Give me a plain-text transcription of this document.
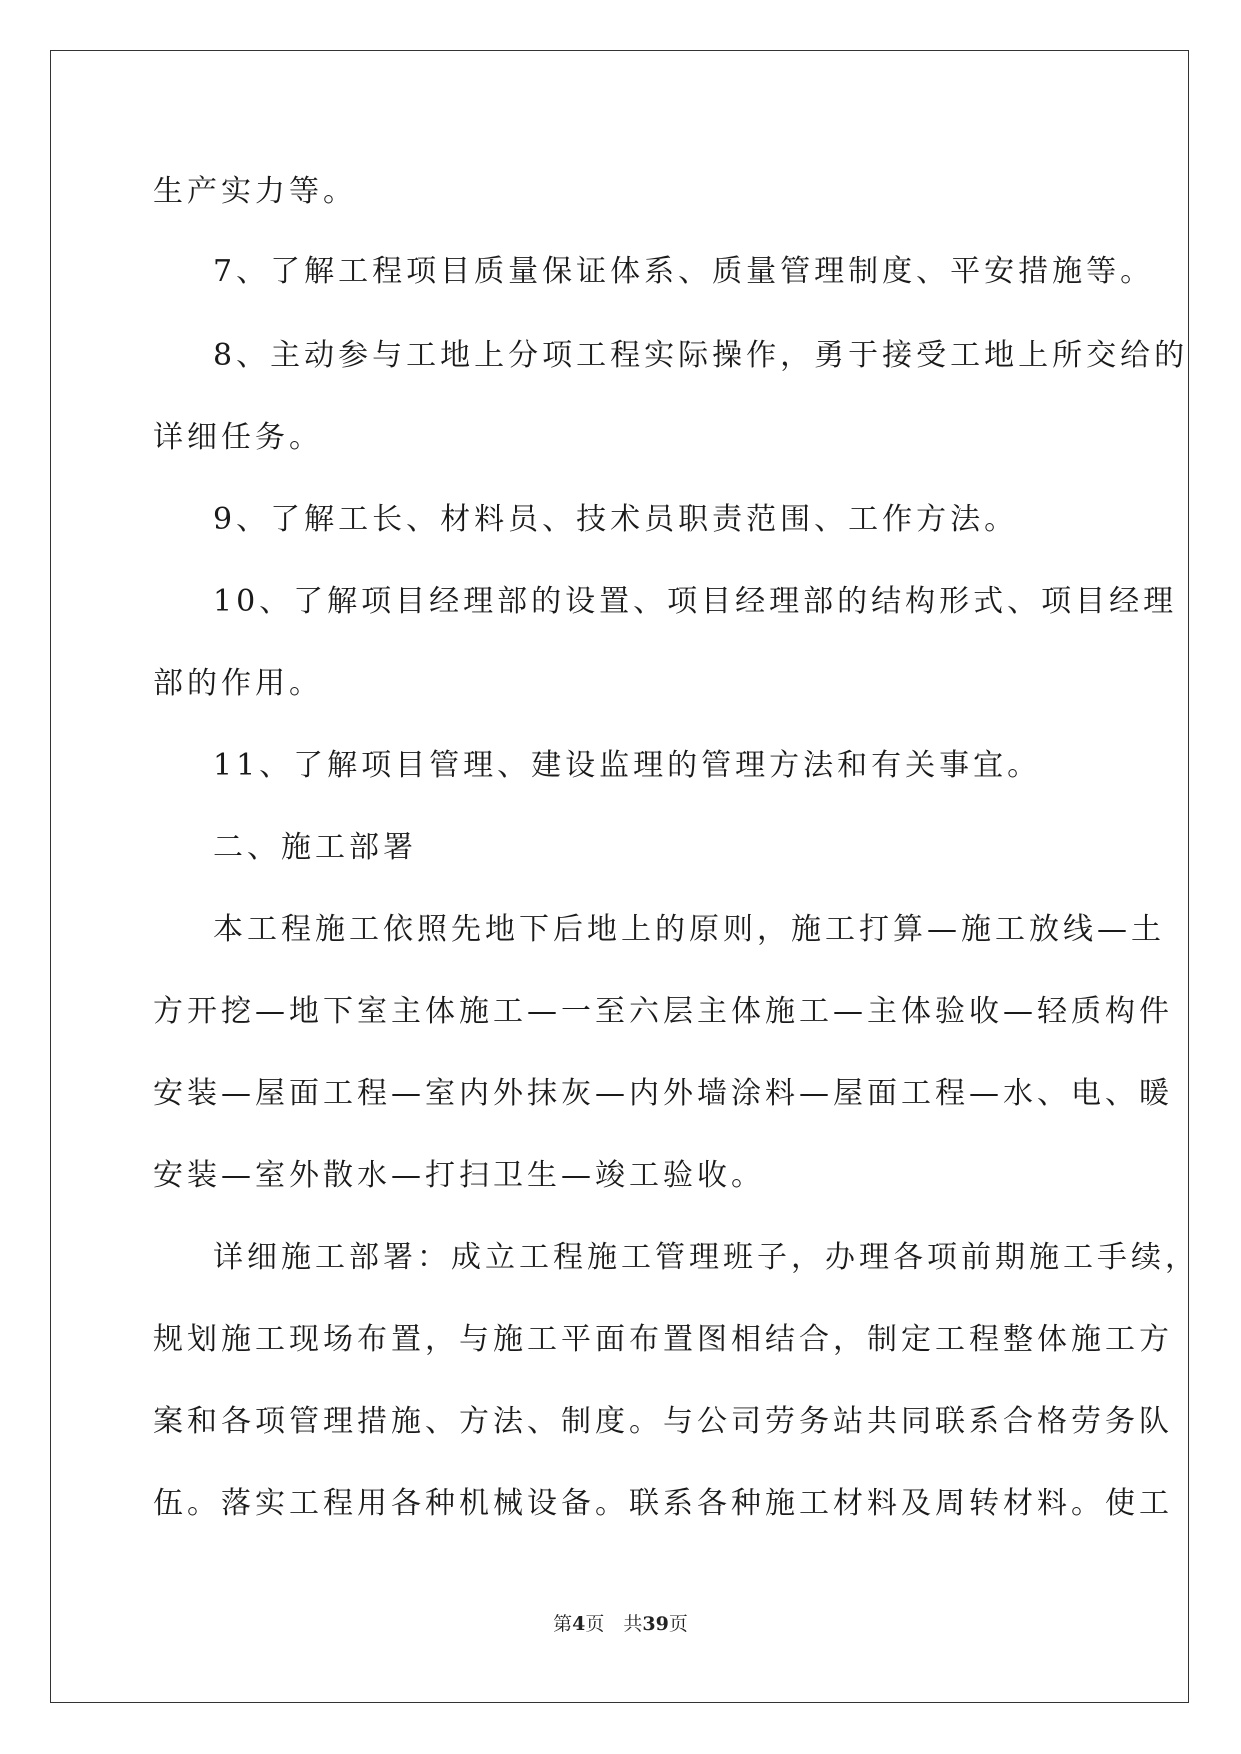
生产实力等。
7、了解工程项目质量保证体系、质量管理制度、平安措施等。
8、主动参与工地上分项工程实际操作，勇于接受工地上所交给的
详细任务。
9、了解工长、材料员、技术员职责范围、工作方法。
10、了解项目经理部的设置、项目经理部的结构形式、项目经理
部的作用。
11、了解项目管理、建设监理的管理方法和有关事宜。
二、施工部署
本工程施工依照先地下后地上的原则，施工打算—施工放线—土
方开挖—地下室主体施工—一至六层主体施工—主体验收—轻质构件
安装—屋面工程—室内外抹灰—内外墙涂料—屋面工程—水、电、暖
安装—室外散水—打扫卫生—竣工验收。
详细施工部署：成立工程施工管理班子，办理各项前期施工手续，
规划施工现场布置，与施工平面布置图相结合，制定工程整体施工方
案和各项管理措施、方法、制度。与公司劳务站共同联系合格劳务队
伍。落实工程用各种机械设备。联系各种施工材料及周转材料。使工
第4页　共39页
